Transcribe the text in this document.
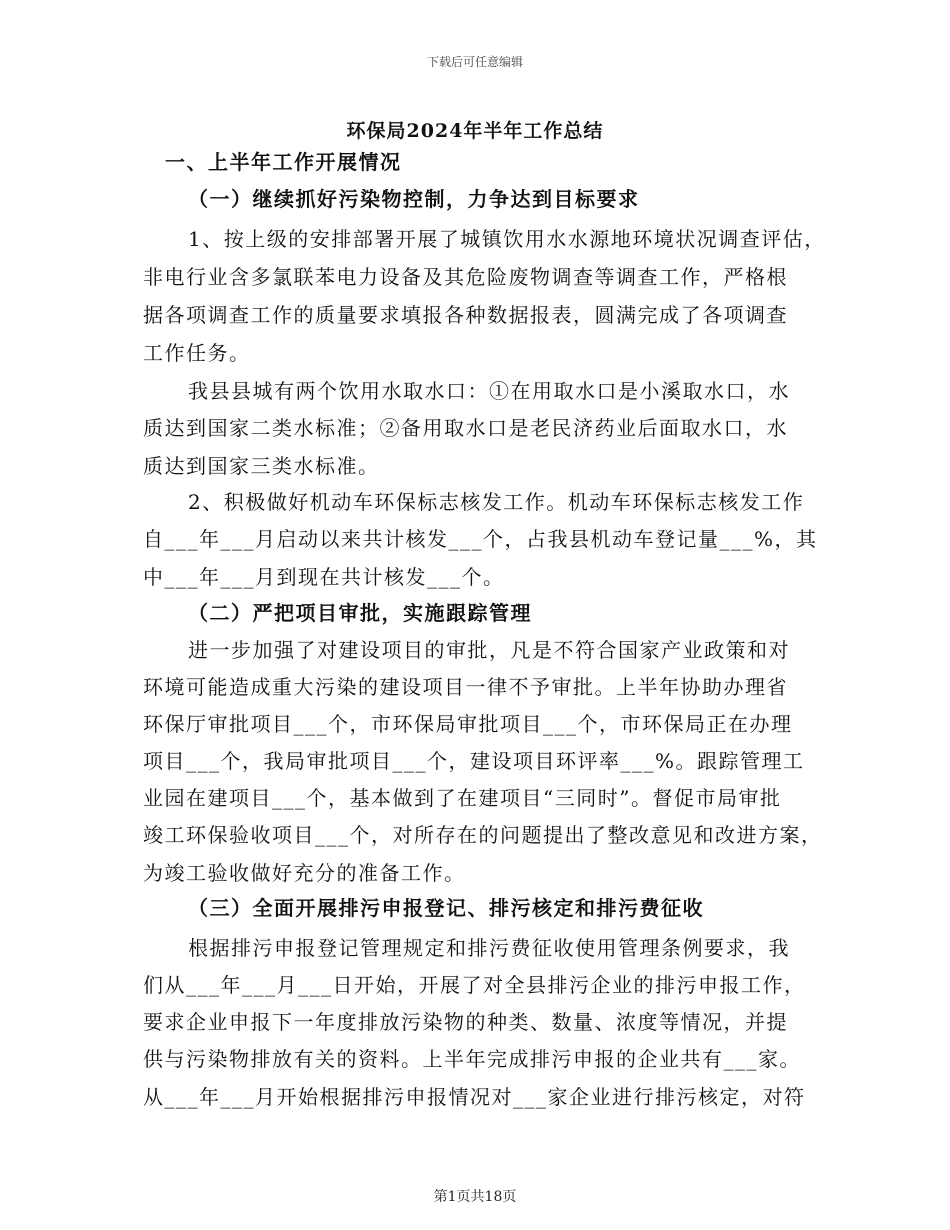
下载后可任意编辑
环保局2024年半年工作总结
一、上半年工作开展情况
（一）继续抓好污染物控制，力争达到目标要求
1、按上级的安排部署开展了城镇饮用水水源地环境状况调查评估，
非电行业含多氯联苯电力设备及其危险废物调查等调查工作，严格根
据各项调查工作的质量要求填报各种数据报表，圆满完成了各项调查
工作任务。
我县县城有两个饮用水取水口：①在用取水口是小溪取水口，水
质达到国家二类水标准；②备用取水口是老民济药业后面取水口，水
质达到国家三类水标准。
2、积极做好机动车环保标志核发工作。机动车环保标志核发工作
自___年___月启动以来共计核发___个，占我县机动车登记量___%，其
中___年___月到现在共计核发___个。
（二）严把项目审批，实施跟踪管理
进一步加强了对建设项目的审批，凡是不符合国家产业政策和对
环境可能造成重大污染的建设项目一律不予审批。上半年协助办理省
环保厅审批项目___个，市环保局审批项目___个，市环保局正在办理
项目___个，我局审批项目___个，建设项目环评率___%。跟踪管理工
业园在建项目___个，基本做到了在建项目“三同时”。督促市局审批
竣工环保验收项目___个，对所存在的问题提出了整改意见和改进方案，
为竣工验收做好充分的准备工作。
（三）全面开展排污申报登记、排污核定和排污费征收
根据排污申报登记管理规定和排污费征收使用管理条例要求，我
们从___年___月___日开始，开展了对全县排污企业的排污申报工作，
要求企业申报下一年度排放污染物的种类、数量、浓度等情况，并提
供与污染物排放有关的资料。上半年完成排污申报的企业共有___家。
从___年___月开始根据排污申报情况对___家企业进行排污核定，对符
第1页共18页
